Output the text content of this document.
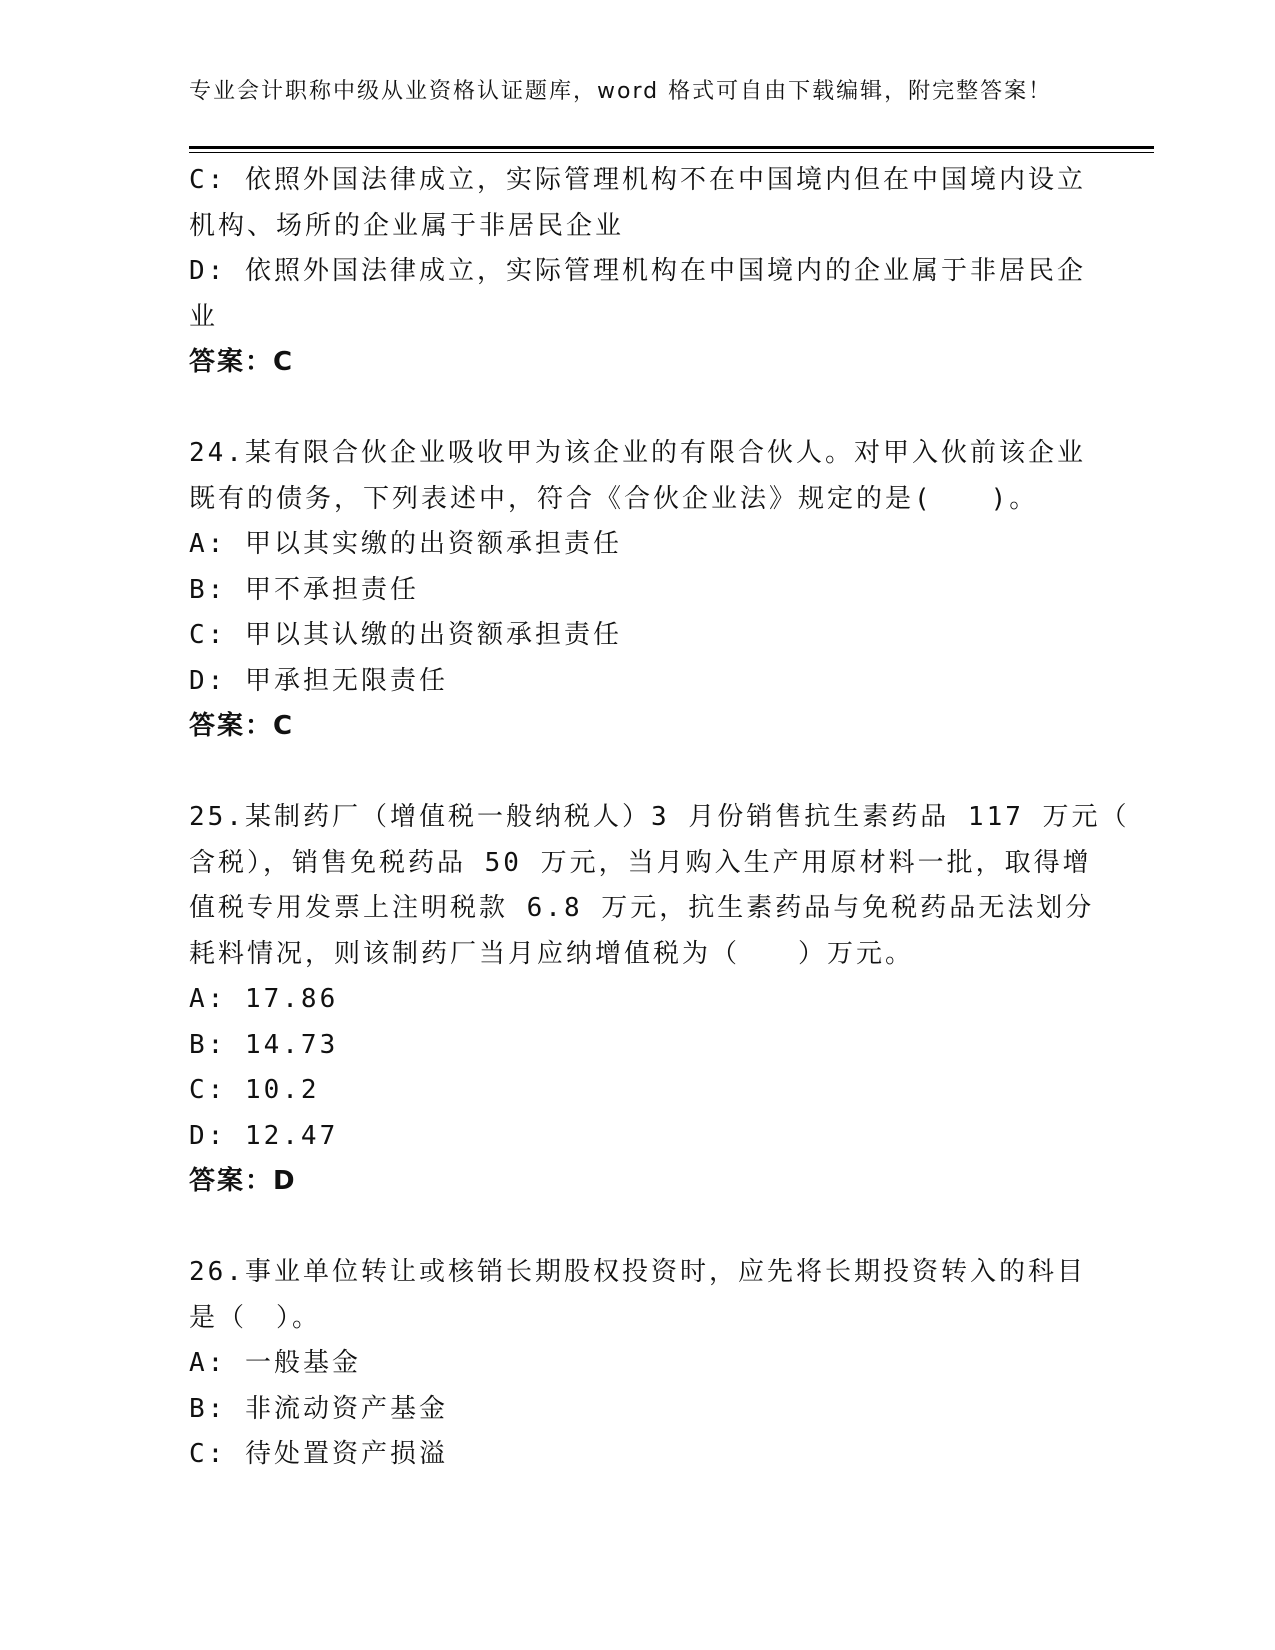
专业会计职称中级从业资格认证题库，word 格式可自由下载编辑，附完整答案！
C: 依照外国法律成立，实际管理机构不在中国境内但在中国境内设立
机构、场所的企业属于非居民企业
D: 依照外国法律成立，实际管理机构在中国境内的企业属于非居民企
业
答案：C
24.某有限合伙企业吸收甲为该企业的有限合伙人。对甲入伙前该企业
既有的债务，下列表述中，符合《合伙企业法》规定的是(　　)。
A: 甲以其实缴的出资额承担责任
B: 甲不承担责任
C: 甲以其认缴的出资额承担责任
D: 甲承担无限责任
答案：C
25.某制药厂（增值税一般纳税人）3 月份销售抗生素药品 117 万元（
含税），销售免税药品 50 万元，当月购入生产用原材料一批，取得增
值税专用发票上注明税款 6.8 万元，抗生素药品与免税药品无法划分
耗料情况，则该制药厂当月应纳增值税为（　　）万元。
A: 17.86
B: 14.73
C: 10.2
D: 12.47
答案：D
26.事业单位转让或核销长期股权投资时，应先将长期投资转入的科目
是（　）。
A: 一般基金
B: 非流动资产基金
C: 待处置资产损溢
